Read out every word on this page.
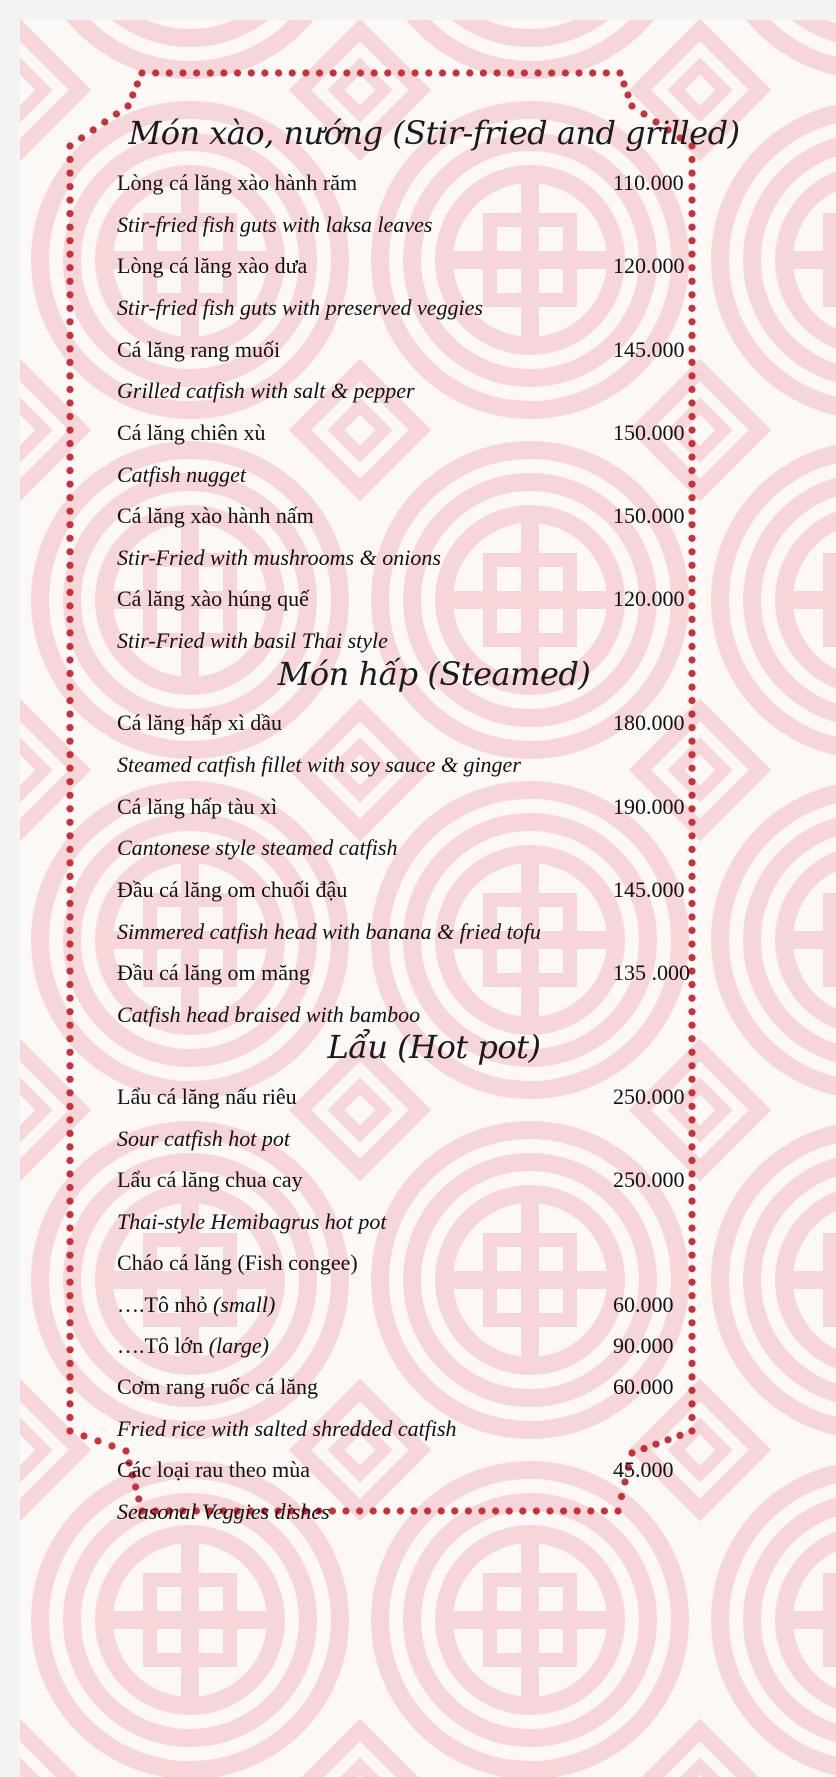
Món xào, nướng (Stir-fried and grilled)
Lòng cá lăng xào hành răm	110.000
Stir-fried fish guts with laksa leaves
Lòng cá lăng xào dưa	120.000
Stir-fried fish guts with preserved veggies
Cá lăng rang muối	145.000
Grilled catfish with salt & pepper
Cá lăng chiên xù	150.000
Catfish nugget
Cá lăng xào hành nấm	150.000
Stir-Fried with mushrooms & onions
Cá lăng xào húng quế	120.000
Stir-Fried with basil Thai style
Món hấp (Steamed)
Cá lăng hấp xì dầu	180.000
Steamed catfish fillet with soy sauce & ginger
Cá lăng hấp tàu xì	190.000
Cantonese style steamed catfish
Đầu cá lăng om chuối đậu	145.000
Simmered catfish head with banana & fried tofu
Đầu cá lăng om măng	135 .000
Catfish head braised with bamboo
Lẩu (Hot pot)
Lẩu cá lăng nấu riêu	250.000
Sour catfish hot pot
Lẩu cá lăng chua cay	250.000
Thai-style Hemibagrus hot pot
Cháo cá lăng (Fish congee)
….Tô nhỏ (small)	60.000
….Tô lớn (large)	90.000
Cơm rang ruốc cá lăng	60.000
Fried rice with salted shredded catfish
Các loại rau theo mùa	45.000
Seasonal Veggies dishes
